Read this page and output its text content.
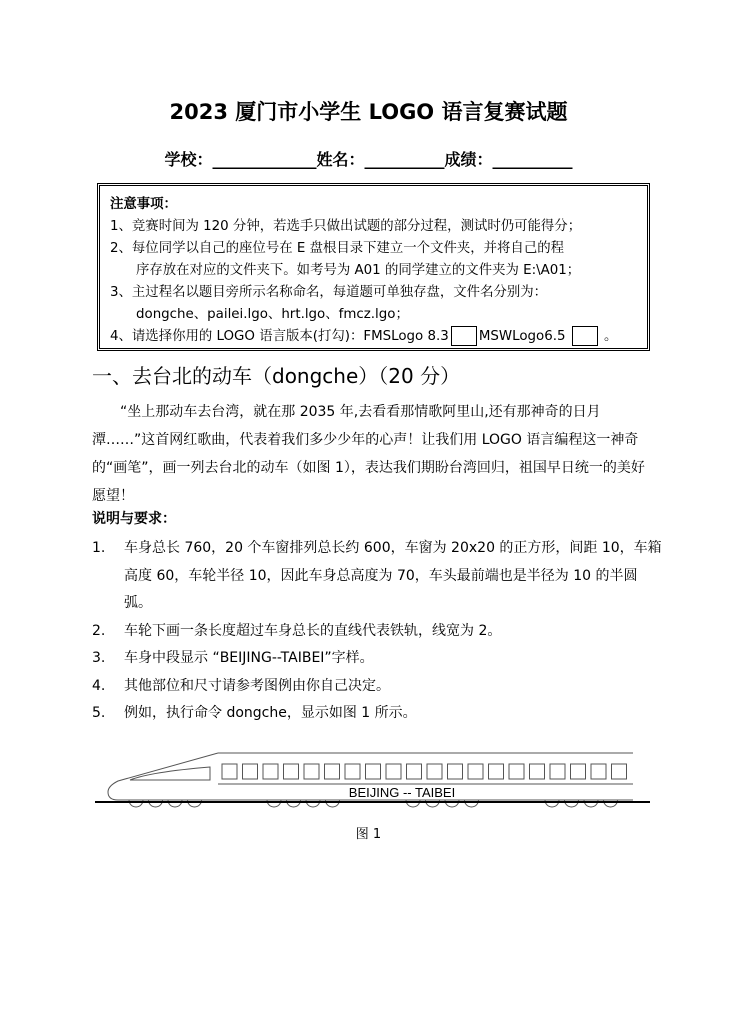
2023 厦门市小学生 LOGO 语言复赛试题
学校：_____________姓名：__________成绩：__________
注意事项：
1、竞赛时间为 120 分钟，若选手只做出试题的部分过程，测试时仍可能得分；
2、每位同学以自己的座位号在 E 盘根目录下建立一个文件夹，并将自己的程
序存放在对应的文件夹下。如考号为 A01 的同学建立的文件夹为 E:\A01；
3、主过程名以题目旁所示名称命名，每道题可单独存盘，文件名分别为：
dongche、pailei.lgo、hrt.lgo、fmcz.lgo；
4、请选择你用的 LOGO 语言版本(打勾)：FMSLogo 8.3 MSWLogo6.5	。
一、去台北的动车（dongche）（20 分）
“坐上那动车去台湾，就在那 2035 年,去看看那情歌阿里山,还有那神奇的日月潭……”这首网红歌曲，代表着我们多少少年的心声！让我们用 LOGO 语言编程这一神奇的“画笔”，画一列去台北的动车（如图 1），表达我们期盼台湾回归，祖国早日统一的美好愿望！
说明与要求：
1.	车身总长 760，20 个车窗排列总长约 600，车窗为 20x20 的正方形，间距 10，车箱高度 60，车轮半径 10，因此车身总高度为 70，车头最前端也是半径为 10 的半圆弧。
2.	车轮下画一条长度超过车身总长的直线代表铁轨，线宽为 2。
3.	车身中段显示 “BEIJING--TAIBEI”字样。
4.	其他部位和尺寸请参考图例由你自己决定。
5.	例如，执行命令 dongche，显示如图 1 所示。
BEIJING -- TAIBEI
图 1
